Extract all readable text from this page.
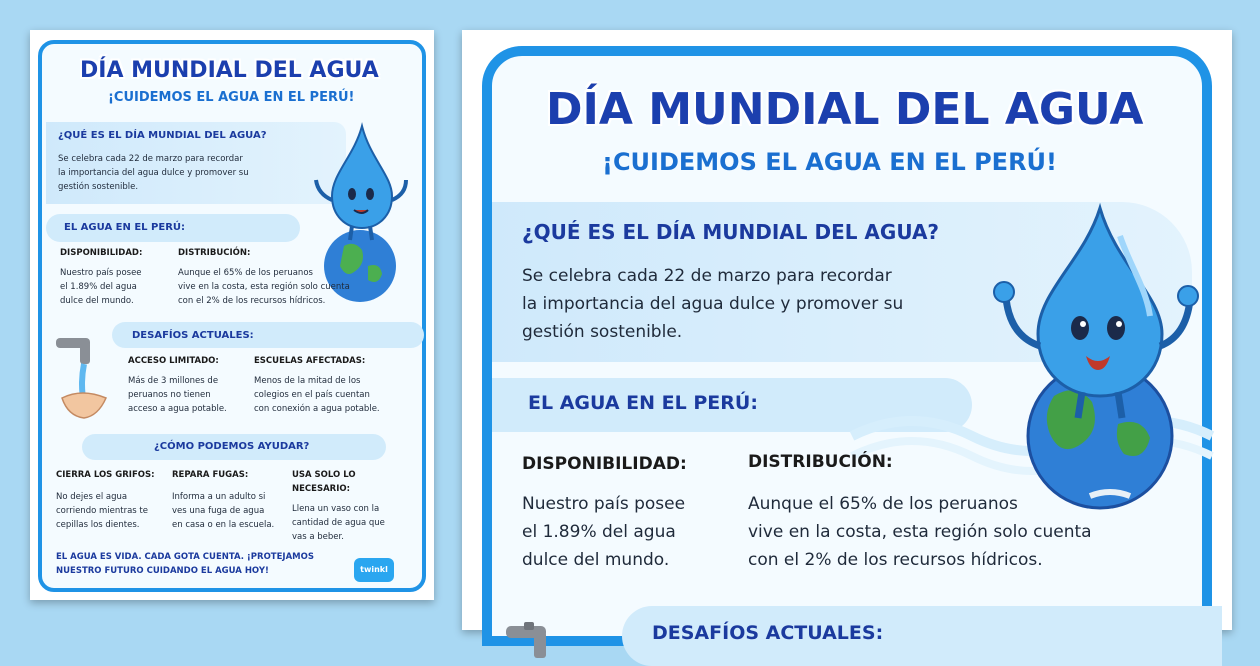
DÍA MUNDIAL DEL AGUA
¡CUIDEMOS EL AGUA EN EL PERÚ!
¿QUÉ ES EL DÍA MUNDIAL DEL AGUA?
Se celebra cada 22 de marzo para recordar
la importancia del agua dulce y promover su
gestión sostenible.
EL AGUA EN EL PERÚ:
DISPONIBILIDAD:
Nuestro país posee
el 1.89% del agua
dulce del mundo.
DISTRIBUCIÓN:
Aunque el 65% de los peruanos
vive en la costa, esta región solo cuenta
con el 2% de los recursos hídricos.
DESAFÍOS ACTUALES:
ACCESO LIMITADO:
Más de 3 millones de
peruanos no tienen
acceso a agua potable.
ESCUELAS AFECTADAS:
Menos de la mitad de los
colegios en el país cuentan
con conexión a agua potable.
¿CÓMO PODEMOS AYUDAR?
CIERRA LOS GRIFOS:
No dejes el agua
corriendo mientras te
cepillas los dientes.
REPARA FUGAS:
Informa a un adulto si
ves una fuga de agua
en casa o en la escuela.
USA SOLO LO
NECESARIO:
Llena un vaso con la
cantidad de agua que
vas a beber.
EL AGUA ES VIDA. CADA GOTA CUENTA. ¡PROTEJAMOS
NUESTRO FUTURO CUIDANDO EL AGUA HOY!	twinkl
DÍA MUNDIAL DEL AGUA
¡CUIDEMOS EL AGUA EN EL PERÚ!
¿QUÉ ES EL DÍA MUNDIAL DEL AGUA?
Se celebra cada 22 de marzo para recordar
la importancia del agua dulce y promover su
gestión sostenible.
EL AGUA EN EL PERÚ:
DISPONIBILIDAD:
Nuestro país posee
el 1.89% del agua
dulce del mundo.
DISTRIBUCIÓN:
Aunque el 65% de los peruanos
vive en la costa, esta región solo cuenta
con el 2% de los recursos hídricos.
DESAFÍOS ACTUALES:
